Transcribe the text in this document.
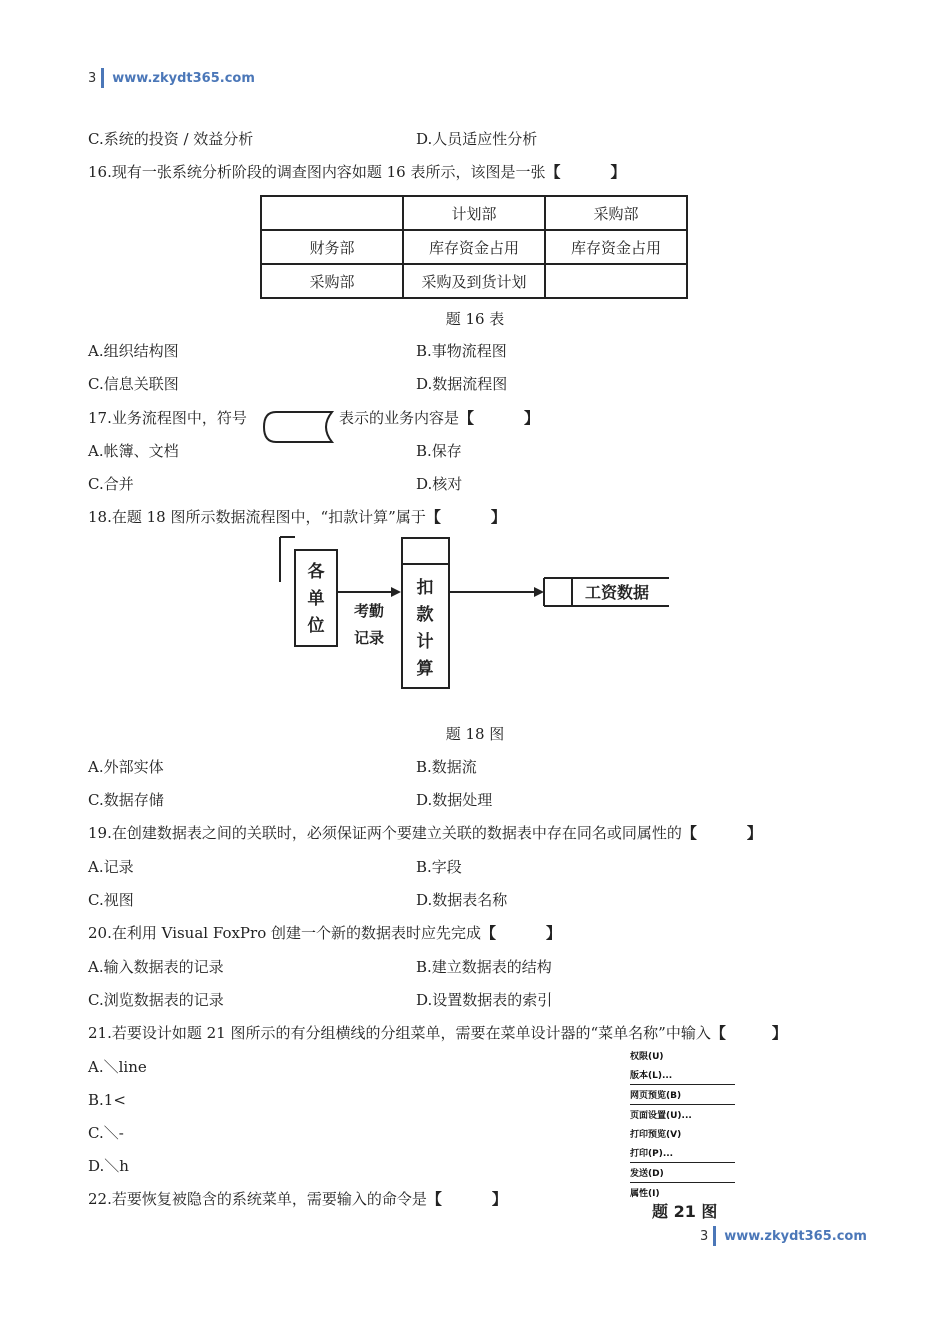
3 www.zkydt365.com
C.系统的投资 / 效益分析	D.人员适应性分析
16.现有一张系统分析阶段的调查图内容如题 16 表所示，该图是一张【	】
	计划部	采购部
财务部	库存资金占用	库存资金占用
采购部	采购及到货计划	
题 16 表
A.组织结构图	B.事物流程图
C.信息关联图	D.数据流程图
17.业务流程图中，符号	表示的业务内容是【	】
A.帐簿、文档	B.保存
C.合并	D.核对
18.在题 18 图所示数据流程图中，“扣款计算”属于【	】
各
单
位
考勤
记录
扣
款
计
算
工资数据
题 18 图
A.外部实体	B.数据流
C.数据存储	D.数据处理
19.在创建数据表之间的关联时，必须保证两个要建立关联的数据表中存在同名或同属性的【	】
A.记录	B.字段
C.视图	D.数据表名称
20.在利用 Visual FoxPro 创建一个新的数据表时应先完成【	】
A.输入数据表的记录	B.建立数据表的结构
C.浏览数据表的记录	D.设置数据表的索引
21.若要设计如题 21 图所示的有分组横线的分组菜单，需要在菜单设计器的“菜单名称”中输入【	】
A.＼line
B.1<
C.＼-
D.＼h
权限(U)
版本(L)...
网页预览(B)
页面设置(U)...
打印预览(V)
打印(P)...
发送(D)
属性(I)
题 21 图
22.若要恢复被隐含的系统菜单，需要输入的命令是【	】
3 www.zkydt365.com
